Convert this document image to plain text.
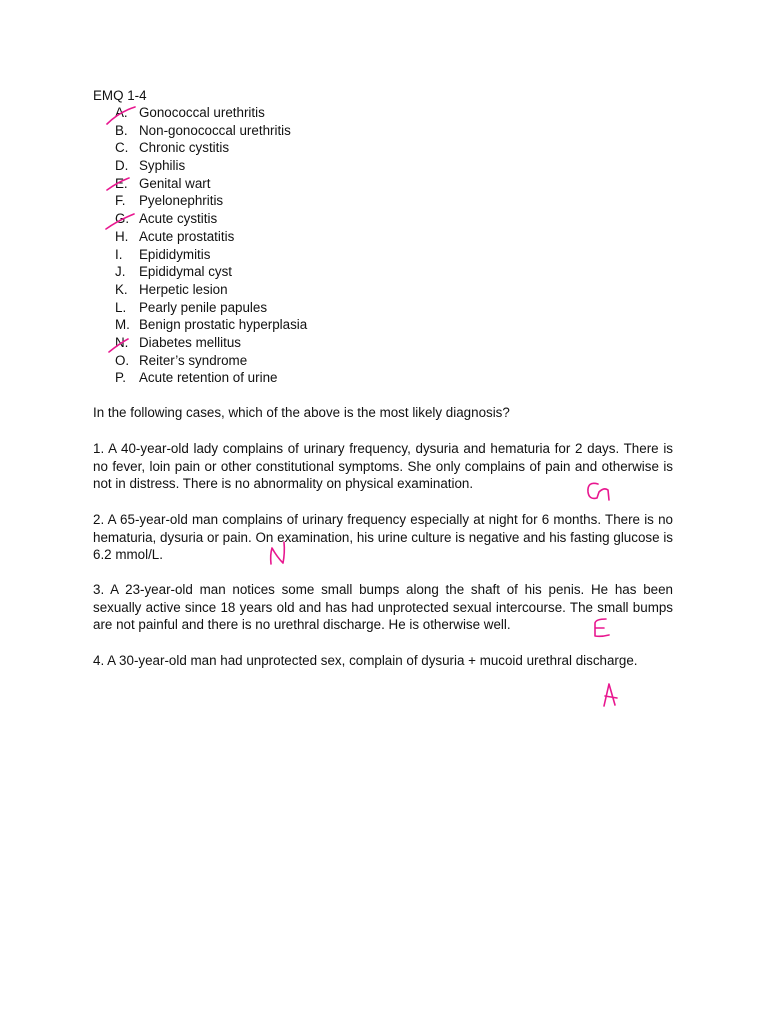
EMQ 1-4
A. Gonococcal urethritis
B. Non-gonococcal urethritis
C. Chronic cystitis
D. Syphilis
E. Genital wart
F. Pyelonephritis
G. Acute cystitis
H. Acute prostatitis
I. Epididymitis
J. Epididymal cyst
K. Herpetic lesion
L. Pearly penile papules
M. Benign prostatic hyperplasia
N. Diabetes mellitus
O. Reiter’s syndrome
P. Acute retention of urine

In the following cases, which of the above is the most likely diagnosis?

1. A 40-year-old lady complains of urinary frequency, dysuria and hematuria for 2 days. There is no fever, loin pain or other constitutional symptoms. She only complains of pain and otherwise is not in distress. There is no abnormality on physical examination.

2. A 65-year-old man complains of urinary frequency especially at night for 6 months. There is no hematuria, dysuria or pain. On examination, his urine culture is negative and his fasting glucose is 6.2 mmol/L.

3. A 23-year-old man notices some small bumps along the shaft of his penis. He has been sexually active since 18 years old and has had unprotected sexual intercourse. The small bumps are not painful and there is no urethral discharge. He is otherwise well.

4. A 30-year-old man had unprotected sex, complain of dysuria + mucoid urethral discharge.
